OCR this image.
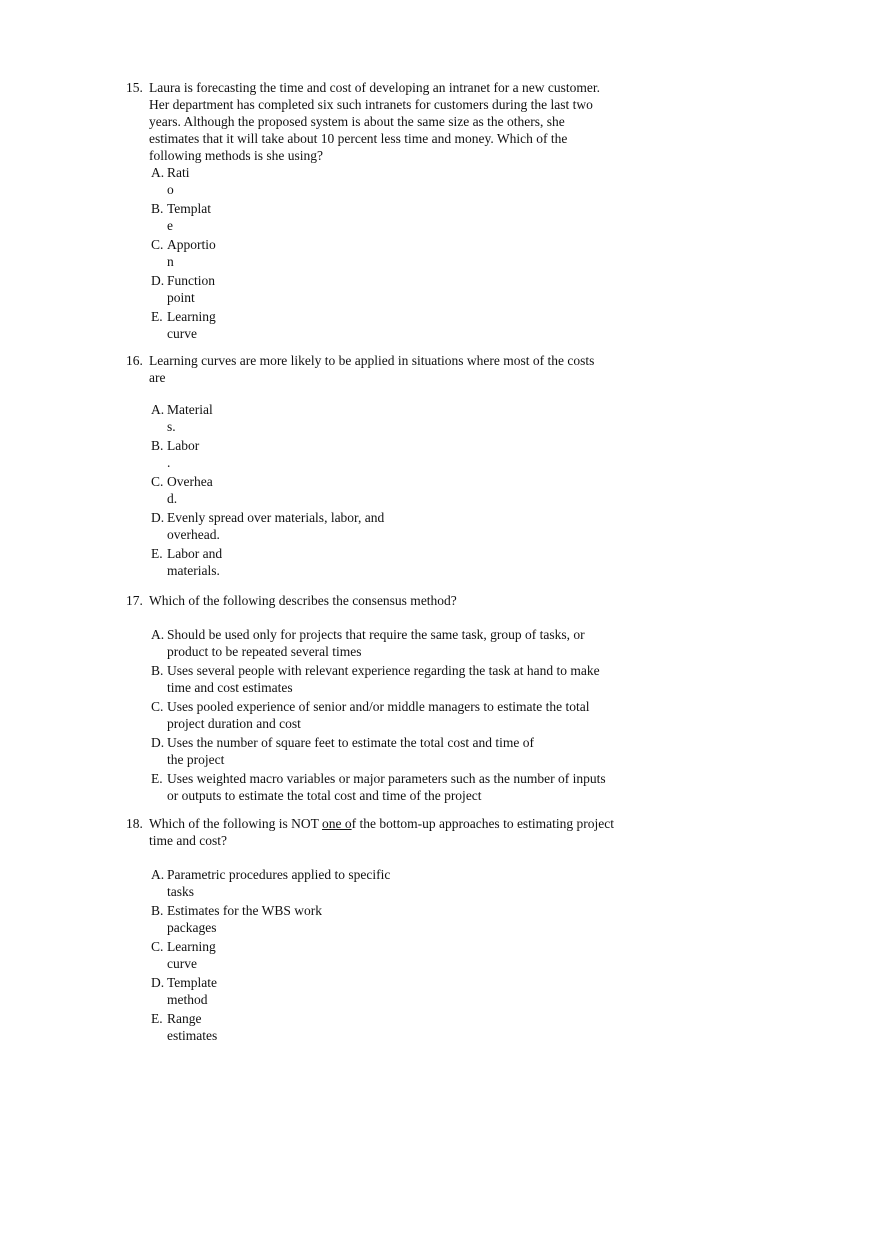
15. Laura is forecasting the time and cost of developing an intranet for a new customer.
Her department has completed six such intranets for customers during the last two
years. Although the proposed system is about the same size as the others, she
estimates that it will take about 10 percent less time and money. Which of the
following methods is she using?

A. Rati
o
B. Templat
e
C. Apportio
n
D. Function
point
E. Learning
curve

16. Learning curves are more likely to be applied in situations where most of the costs
are

A. Material
s.
B. Labor
.
C. Overhea
d.
D. Evenly spread over materials, labor, and
overhead.
E. Labor and
materials.

17. Which of the following describes the consensus method?

A. Should be used only for projects that require the same task, group of tasks, or
product to be repeated several times
B. Uses several people with relevant experience regarding the task at hand to make
time and cost estimates
C. Uses pooled experience of senior and/or middle managers to estimate the total
project duration and cost
D. Uses the number of square feet to estimate the total cost and time of
the project
E. Uses weighted macro variables or major parameters such as the number of inputs
or outputs to estimate the total cost and time of the project

18. Which of the following is NOT one of the bottom-up approaches to estimating project
time and cost?

A. Parametric procedures applied to specific
tasks
B. Estimates for the WBS work
packages
C. Learning
curve
D. Template
method
E. Range
estimates
